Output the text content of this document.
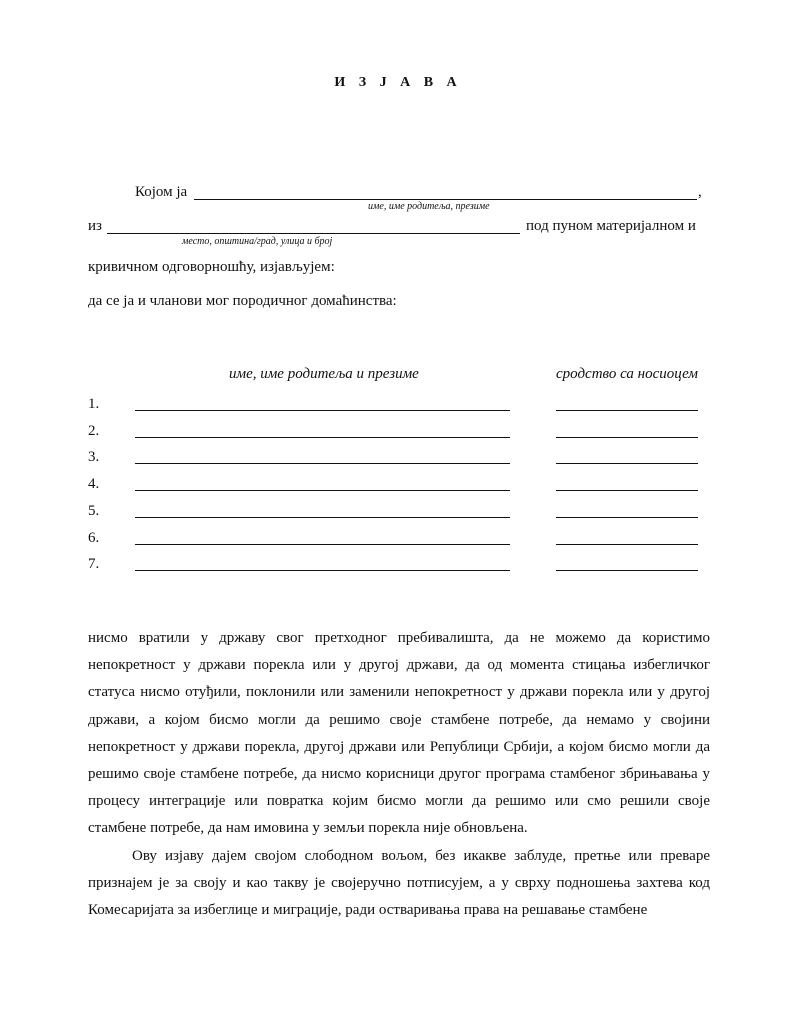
И З Ј А В А
Којом ја	,
име, име родитеља, презиме
из	под пуном материјалном и
место, општина/град, улица и број
кривичном одговорношћу, изјављујем:
да се ја и чланови мог породичног домаћинства:
име, име родитеља и презиме	сродство са носиоцем
1.
2.
3.
4.
5.
6.
7.

нисмо вратили у државу свог претходног пребивалишта, да не можемо да користимо непокретност у држави порекла или у другој држави, да од момента стицања избегличког статуса нисмо отуђили, поклонили или заменили непокретност у држави порекла или у другој држави, а којом бисмо могли да решимо своје стамбене потребе, да немамо у својини непокретност у држави порекла, другој држави или Републици Србији, а којом бисмо могли да решимо своје стамбене потребе, да нисмо корисници другог програма стамбеног збрињавања у процесу интеграције или повратка којим бисмо могли да решимо или смо решили своје стамбене потребе, да нам имовина у земљи порекла није обновљена.

Ову изјаву дајем својом слободном вољом, без икакве заблуде, претње или преваре признајем је за своју и као такву је својеручно потписујем, а у сврху подношења захтева код Комесаријата за избеглице и миграције, ради остваривања права на решавање стамбене
